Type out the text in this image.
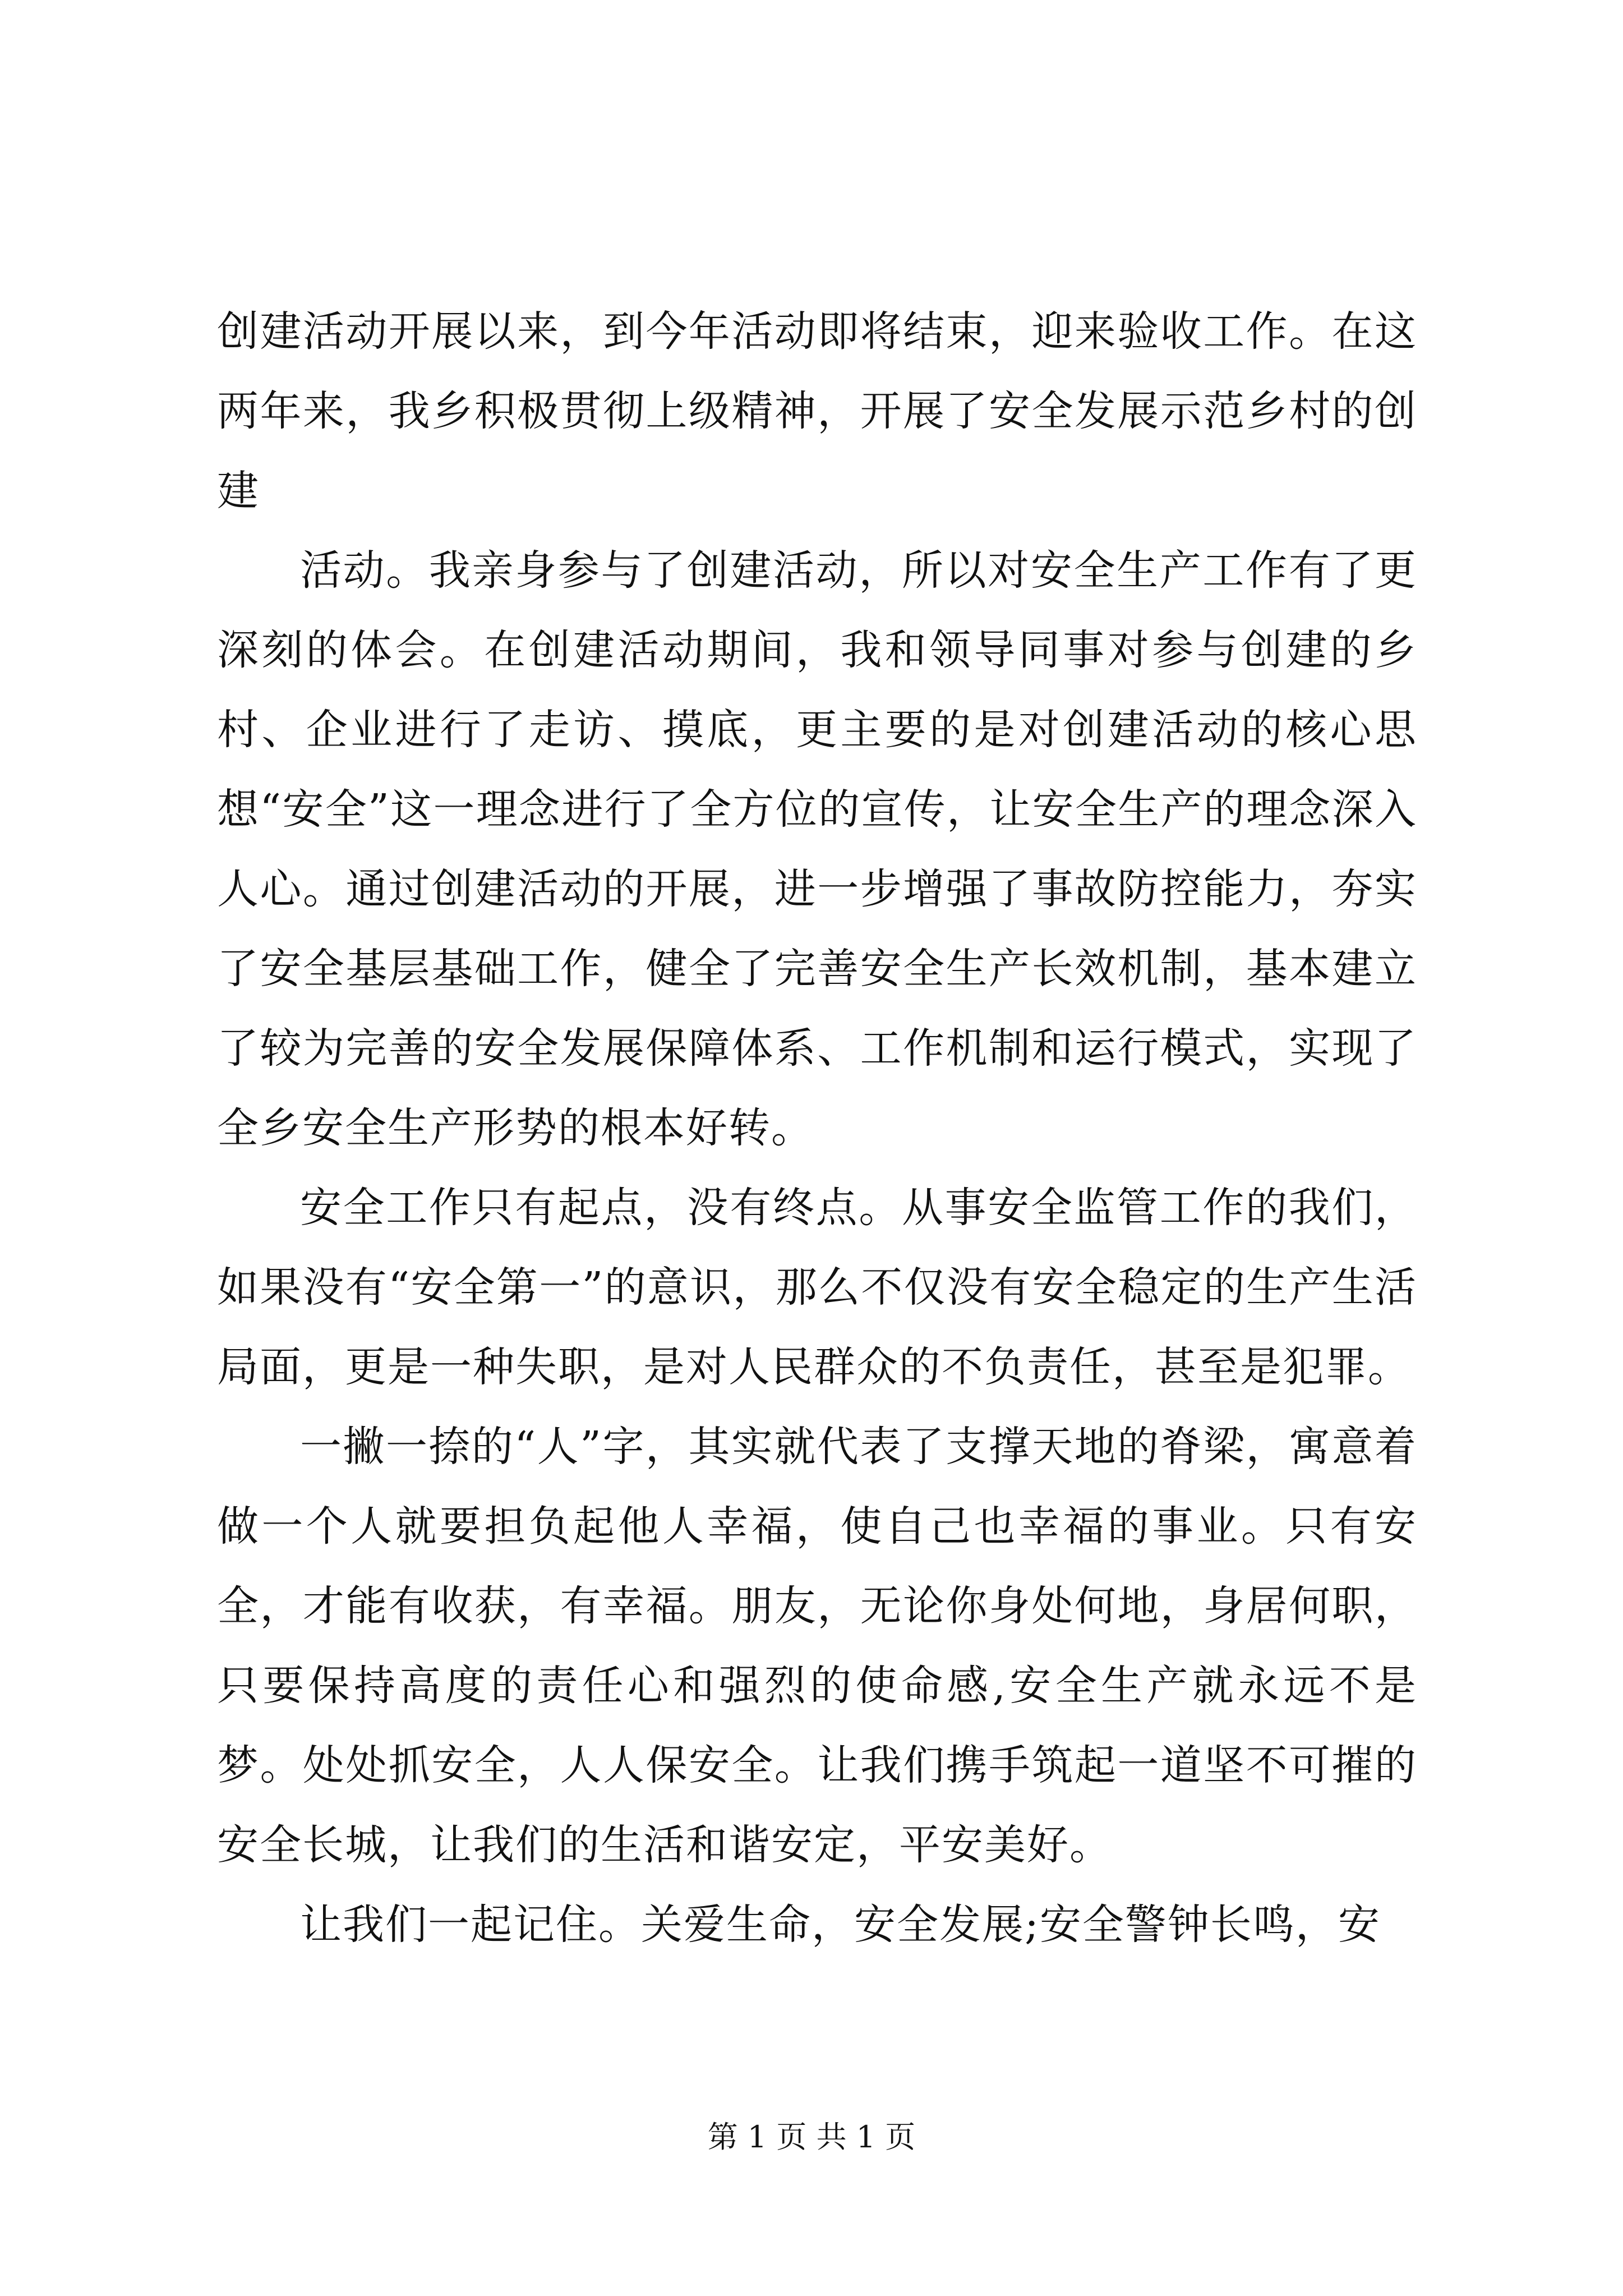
创建活动开展以来，到今年活动即将结束，迎来验收工作。在这两年来，我乡积极贯彻上级精神，开展了安全发展示范乡村的创建

活动。我亲身参与了创建活动，所以对安全生产工作有了更深刻的体会。在创建活动期间，我和领导同事对参与创建的乡村、企业进行了走访、摸底，更主要的是对创建活动的核心思想“安全”这一理念进行了全方位的宣传，让安全生产的理念深入人心。通过创建活动的开展，进一步增强了事故防控能力，夯实了安全基层基础工作，健全了完善安全生产长效机制，基本建立了较为完善的安全发展保障体系、工作机制和运行模式，实现了全乡安全生产形势的根本好转。

安全工作只有起点，没有终点。从事安全监管工作的我们，如果没有“安全第一”的意识，那么不仅没有安全稳定的生产生活局面，更是一种失职，是对人民群众的不负责任，甚至是犯罪。

一撇一捺的“人”字，其实就代表了支撑天地的脊梁，寓意着做一个人就要担负起他人幸福，使自己也幸福的事业。只有安全，才能有收获，有幸福。朋友，无论你身处何地，身居何职，只要保持高度的责任心和强烈的使命感,安全生产就永远不是梦。处处抓安全，人人保安全。让我们携手筑起一道坚不可摧的安全长城，让我们的生活和谐安定，平安美好。

让我们一起记住。关爱生命，安全发展;安全警钟长鸣，安

第 1 页 共 1 页
